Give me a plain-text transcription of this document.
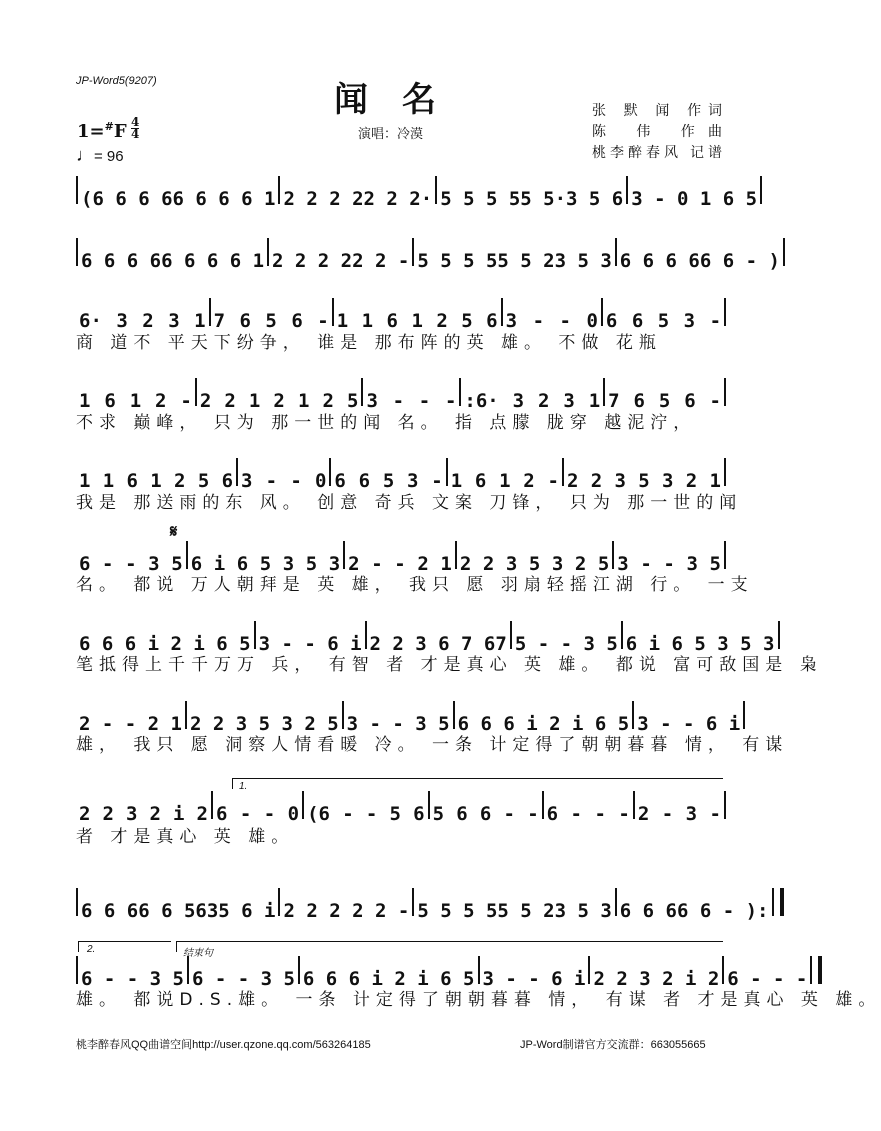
JP-Word5(9207)	闻名
演唱：冷漠
张 默 闻 作词
陈 伟 作曲
桃李醉春风 记谱
1=#F 4
4
♩= 96
(6 6 6 66 6 6 6 1 2 2 2 22 2 2· 5 5 5 55 5·3 5 6 3 - 0 1 6 5
6 6 6 66 6 6 6 1 2 2 2 22 2 - 5 5 5 55 5 23 5 3 6 6 6 66 6 - )
6· 3 2 3 1 7 6 5 6 - 1 1 6 1 2 5 6 3 - - 0 6 6 5 3 -
商 道不 平天下纷争， 谁是 那布阵的英 雄。 不做 花瓶
1 6 1 2 - 2 2 1 2 1 2 5 3 - - - :6· 3 2 3 1 7 6 5 6 -
不求 巅峰， 只为 那一世的闻 名。 指 点朦 胧穿 越泥泞，
1 1 6 1 2 5 6 3 - - 0 6 6 5 3 - 1 6 1 2 - 2 2 3 5 3 2 1
我是 那送雨的东 风。 创意 奇兵 文案 刀锋， 只为 那一世的闻
6 - - 3 5 6 i 6 5 3 5 3 2 - - 2 1 2 2 3 5 3 2 5 3 - - 3 5
名。 都说 万人朝拜是 英 雄， 我只 愿 羽扇轻摇江湖 行。 一支
6 6 6 i 2 i 6 5 3 - - 6 i 2 2 3 6 7 67 5 - - 3 5 6 i 6 5 3 5 3
笔抵得上千千万万 兵， 有智 者 才是真心 英 雄。 都说 富可敌国是 枭
2 - - 2 1 2 2 3 5 3 2 5 3 - - 3 5 6 6 6 i 2 i 6 5 3 - - 6 i
雄， 我只 愿 洞察人情看暖 冷。 一条 计定得了朝朝暮暮 情， 有谋
2 2 3 2 i 2 6 - - 0 (6 - - 5 6 5 6 6 - - 6 - - - 2 - 3 -
者 才是真心 英 雄。
6 6 66 6 5635 6 i 2 2 2 2 2 - 5 5 5 55 5 23 5 3 6 6 66 6 - ):
6 - - 3 5 6 - - 3 5 6 6 6 i 2 i 6 5 3 - - 6 i 2 2 3 2 i 2 6 - - -
雄。 都说D.S.雄。 一条 计定得了朝朝暮暮 情， 有谋 者 才是真心 英 雄。
𝄋
1.
2.	结束句
桃李醉春风QQ曲谱空间http://user.qzone.qq.com/563264185	JP-Word制谱官方交流群：663055665
